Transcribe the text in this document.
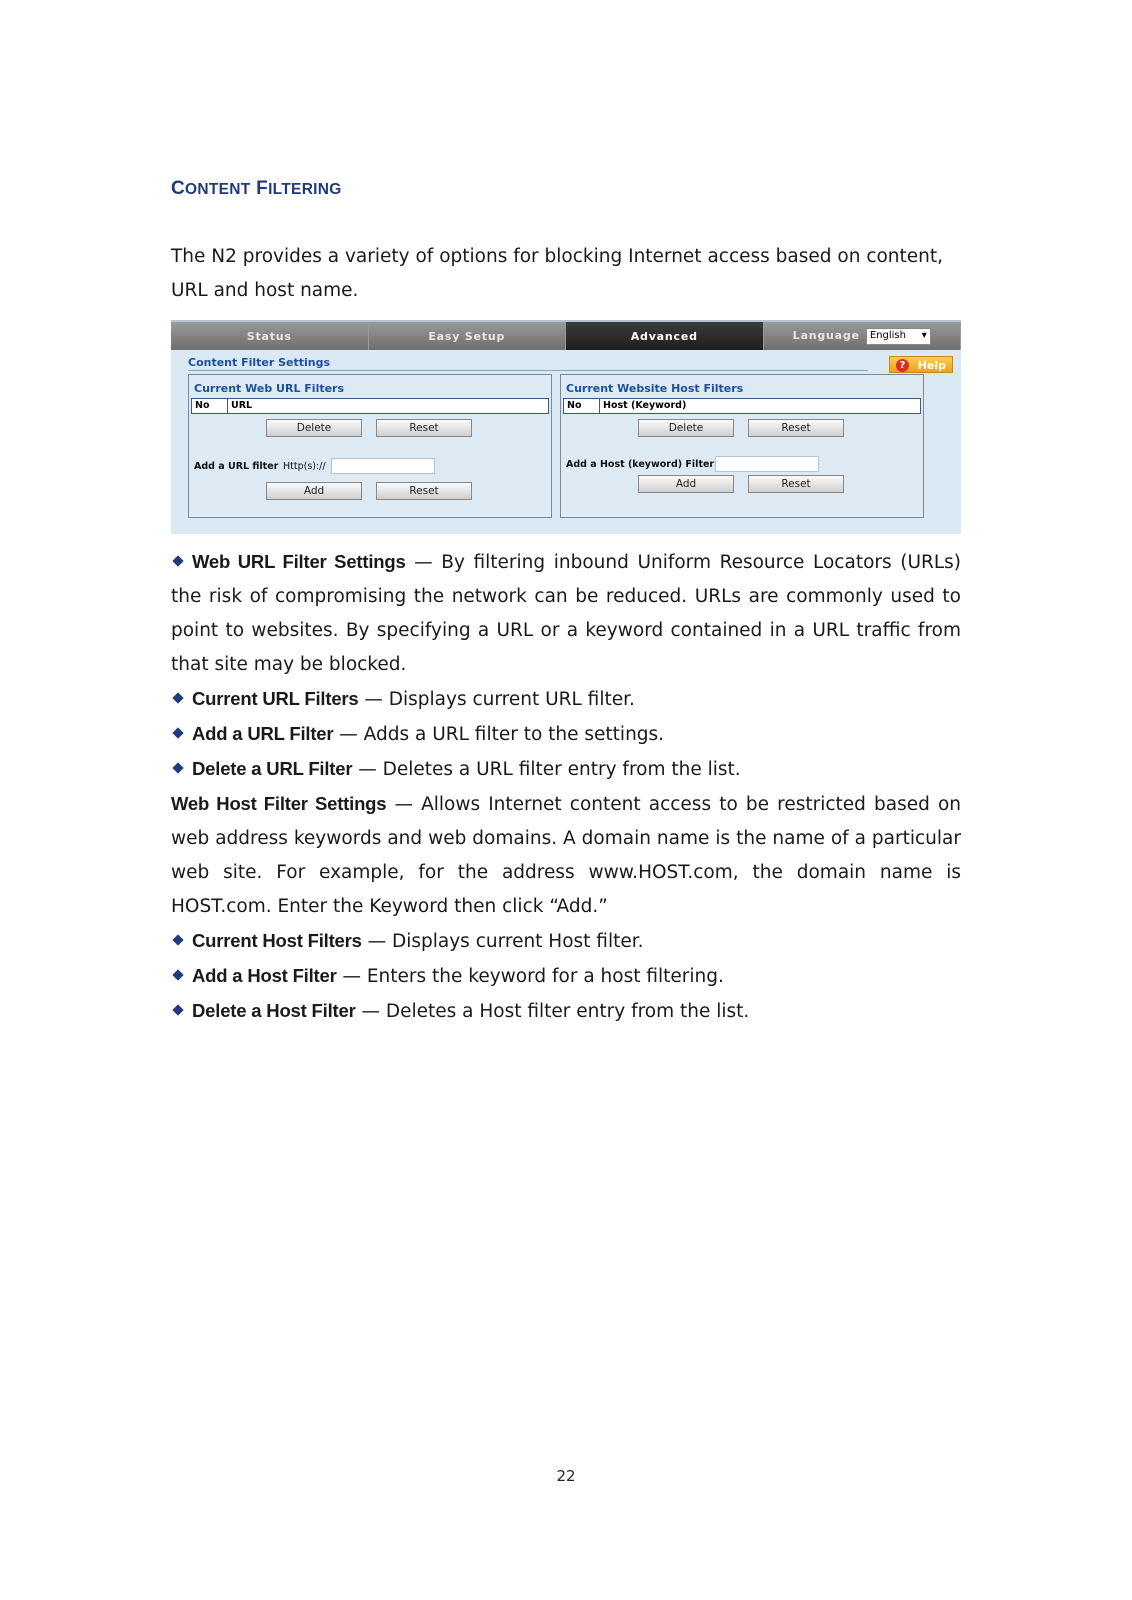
CONTENT FILTERING
The N2 provides a variety of options for blocking Internet access based on content, URL and host name.
Status	Easy Setup	Advanced	Language	English ▾
Content Filter Settings	?	Help
Current Web URL Filters
No	URL
Delete	Reset
Add a URL filter Http(s)://
Add	Reset
Current Website Host Filters
No	Host (Keyword)
Delete	Reset
Add a Host (keyword) Filter
Add	Reset

Web URL Filter Settings — By filtering inbound Uniform Resource Locators (URLs) the risk of compromising the network can be reduced. URLs are commonly used to point to websites. By specifying a URL or a keyword contained in a URL traffic from that site may be blocked.

Current URL Filters — Displays current URL filter.

Add a URL Filter — Adds a URL filter to the settings.

Delete a URL Filter — Deletes a URL filter entry from the list.

Web Host Filter Settings — Allows Internet content access to be restricted based on web address keywords and web domains. A domain name is the name of a particular web site. For example, for the address www.HOST.com, the domain name is HOST.com. Enter the Keyword then click “Add.”

Current Host Filters — Displays current Host filter.

Add a Host Filter — Enters the keyword for a host filtering.

Delete a Host Filter — Deletes a Host filter entry from the list.

22
